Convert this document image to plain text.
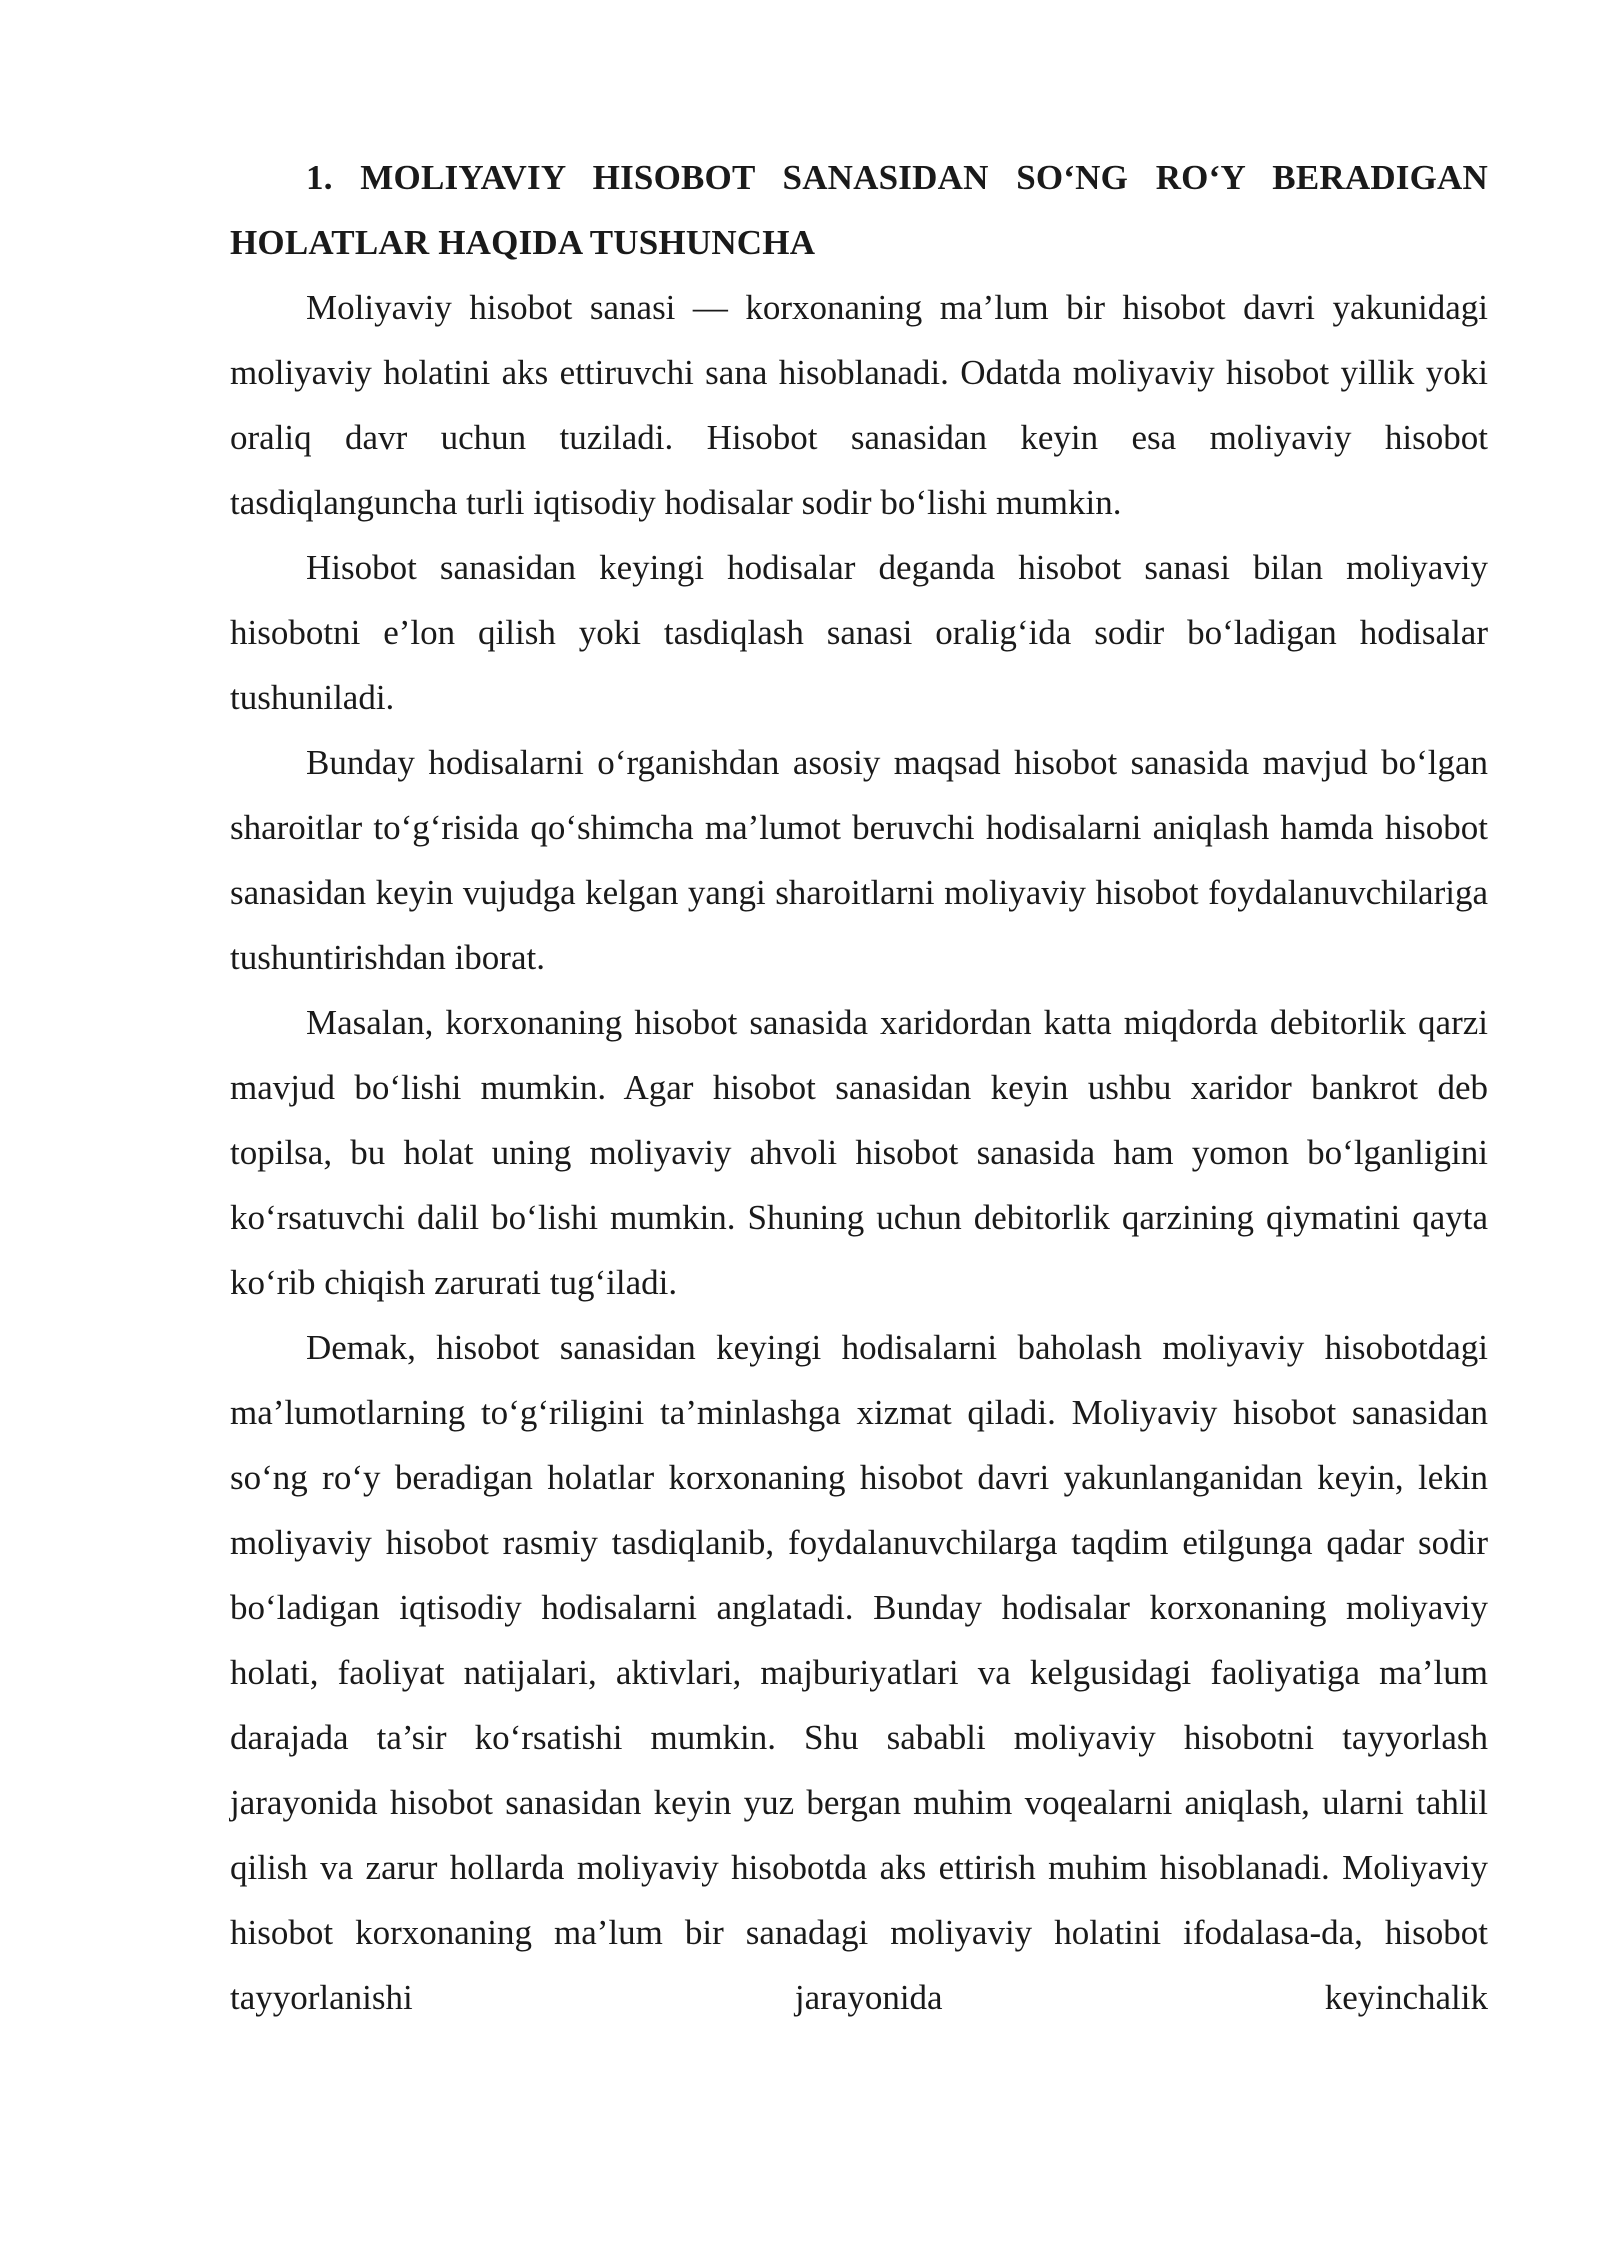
1. MOLIYAVIY HISOBOT SANASIDAN SO‘NG RO‘Y BERADIGAN HOLATLAR HAQIDA TUSHUNCHA

Moliyaviy hisobot sanasi — korxonaning ma’lum bir hisobot davri yakunidagi moliyaviy holatini aks ettiruvchi sana hisoblanadi. Odatda moliyaviy hisobot yillik yoki oraliq davr uchun tuziladi. Hisobot sanasidan keyin esa moliyaviy hisobot tasdiqlanguncha turli iqtisodiy hodisalar sodir bo‘lishi mumkin.

Hisobot sanasidan keyingi hodisalar deganda hisobot sanasi bilan moliyaviy hisobotni e’lon qilish yoki tasdiqlash sanasi oralig‘ida sodir bo‘ladigan hodisalar tushuniladi.

Bunday hodisalarni o‘rganishdan asosiy maqsad hisobot sanasida mavjud bo‘lgan sharoitlar to‘g‘risida qo‘shimcha ma’lumot beruvchi hodisalarni aniqlash hamda hisobot sanasidan keyin vujudga kelgan yangi sharoitlarni moliyaviy hisobot foydalanuvchilariga tushuntirishdan iborat.

Masalan, korxonaning hisobot sanasida xaridordan katta miqdorda debitorlik qarzi mavjud bo‘lishi mumkin. Agar hisobot sanasidan keyin ushbu xaridor bankrot deb topilsa, bu holat uning moliyaviy ahvoli hisobot sanasida ham yomon bo‘lganligini ko‘rsatuvchi dalil bo‘lishi mumkin. Shuning uchun debitorlik qarzining qiymatini qayta ko‘rib chiqish zarurati tug‘iladi.

Demak, hisobot sanasidan keyingi hodisalarni baholash moliyaviy hisobotdagi ma’lumotlarning to‘g‘riligini ta’minlashga xizmat qiladi. Moliyaviy hisobot sanasidan so‘ng ro‘y beradigan holatlar korxonaning hisobot davri yakunlanganidan keyin, lekin moliyaviy hisobot rasmiy tasdiqlanib, foydalanuvchilarga taqdim etilgunga qadar sodir bo‘ladigan iqtisodiy hodisalarni anglatadi. Bunday hodisalar korxonaning moliyaviy holati, faoliyat natijalari, aktivlari, majburiyatlari va kelgusidagi faoliyatiga ma’lum darajada ta’sir ko‘rsatishi mumkin. Shu sababli moliyaviy hisobotni tayyorlash jarayonida hisobot sanasidan keyin yuz bergan muhim voqealarni aniqlash, ularni tahlil qilish va zarur hollarda moliyaviy hisobotda aks ettirish muhim hisoblanadi. Moliyaviy hisobot korxonaning ma’lum bir sanadagi moliyaviy holatini ifodalasa-da, hisobot tayyorlanishi jarayonida keyinchalik
